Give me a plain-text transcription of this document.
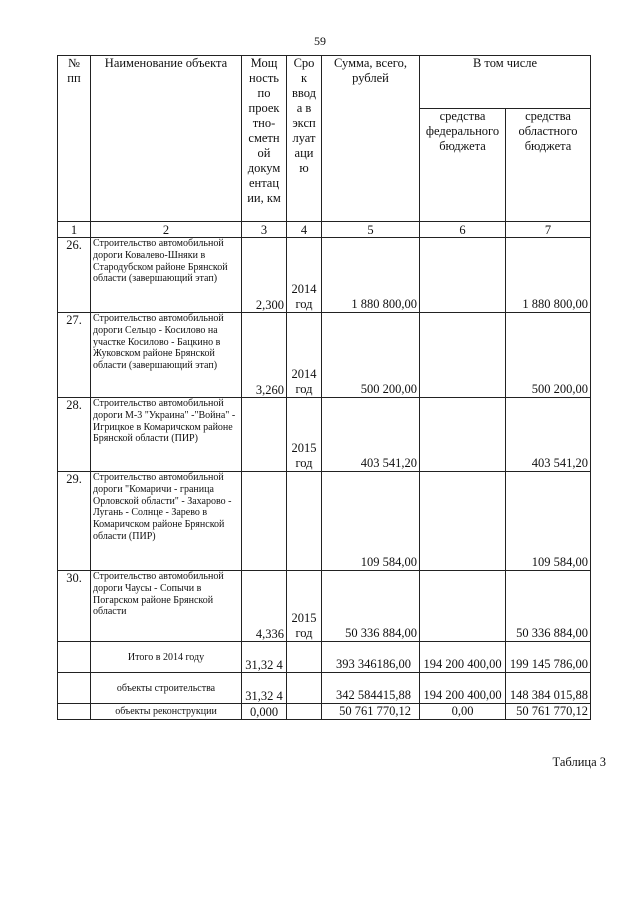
59
№ пп	Наименование объекта	Мощ ность по проек тно- сметн ой докум ентац ии, км	Сро к ввод а в эксп луат аци ю	Сумма, всего, рублей	В том числе	
					средства федерального бюджета	средства областного бюджета
1	2	3	4	5	6	7
26.	Строительство автомобильной дороги Ковалево-Шняки в Стародубском районе Брянской области (завершающий этап)	2,300	2014 год	1 880 800,00		1 880 800,00
27.	Строительство автомобильной дороги Сельцо - Косилово на участке Косилово - Бацкино в Жуковском районе Брянской области (завершающий этап)	3,260	2014 год	500 200,00		500 200,00
28.	Строительство автомобильной дороги М-3 "Украина" -"Война" - Игрицкое в Комаричском районе Брянской области (ПИР)		2015 год	403 541,20		403 541,20
29.	Строительство автомобильной дороги "Комаричи - граница Орловской области" - Захарово - Лугань - Солнце - Зарево в Комаричском районе Брянской области (ПИР)			109 584,00		109 584,00
30.	Строительство автомобильной дороги Чаусы - Сопычи в Погарском районе Брянской области	4,336	2015 год	50 336 884,00		50 336 884,00
	Итого в 2014 году	31,32 4		393 346186,00	194 200 400,00	199 145 786,00
	объекты строительства	31,32 4		342 584415,88	194 200 400,00	148 384 015,88
	объекты реконструкции	0,000		50 761 770,12	0,00	50 761 770,12
Таблица 3
